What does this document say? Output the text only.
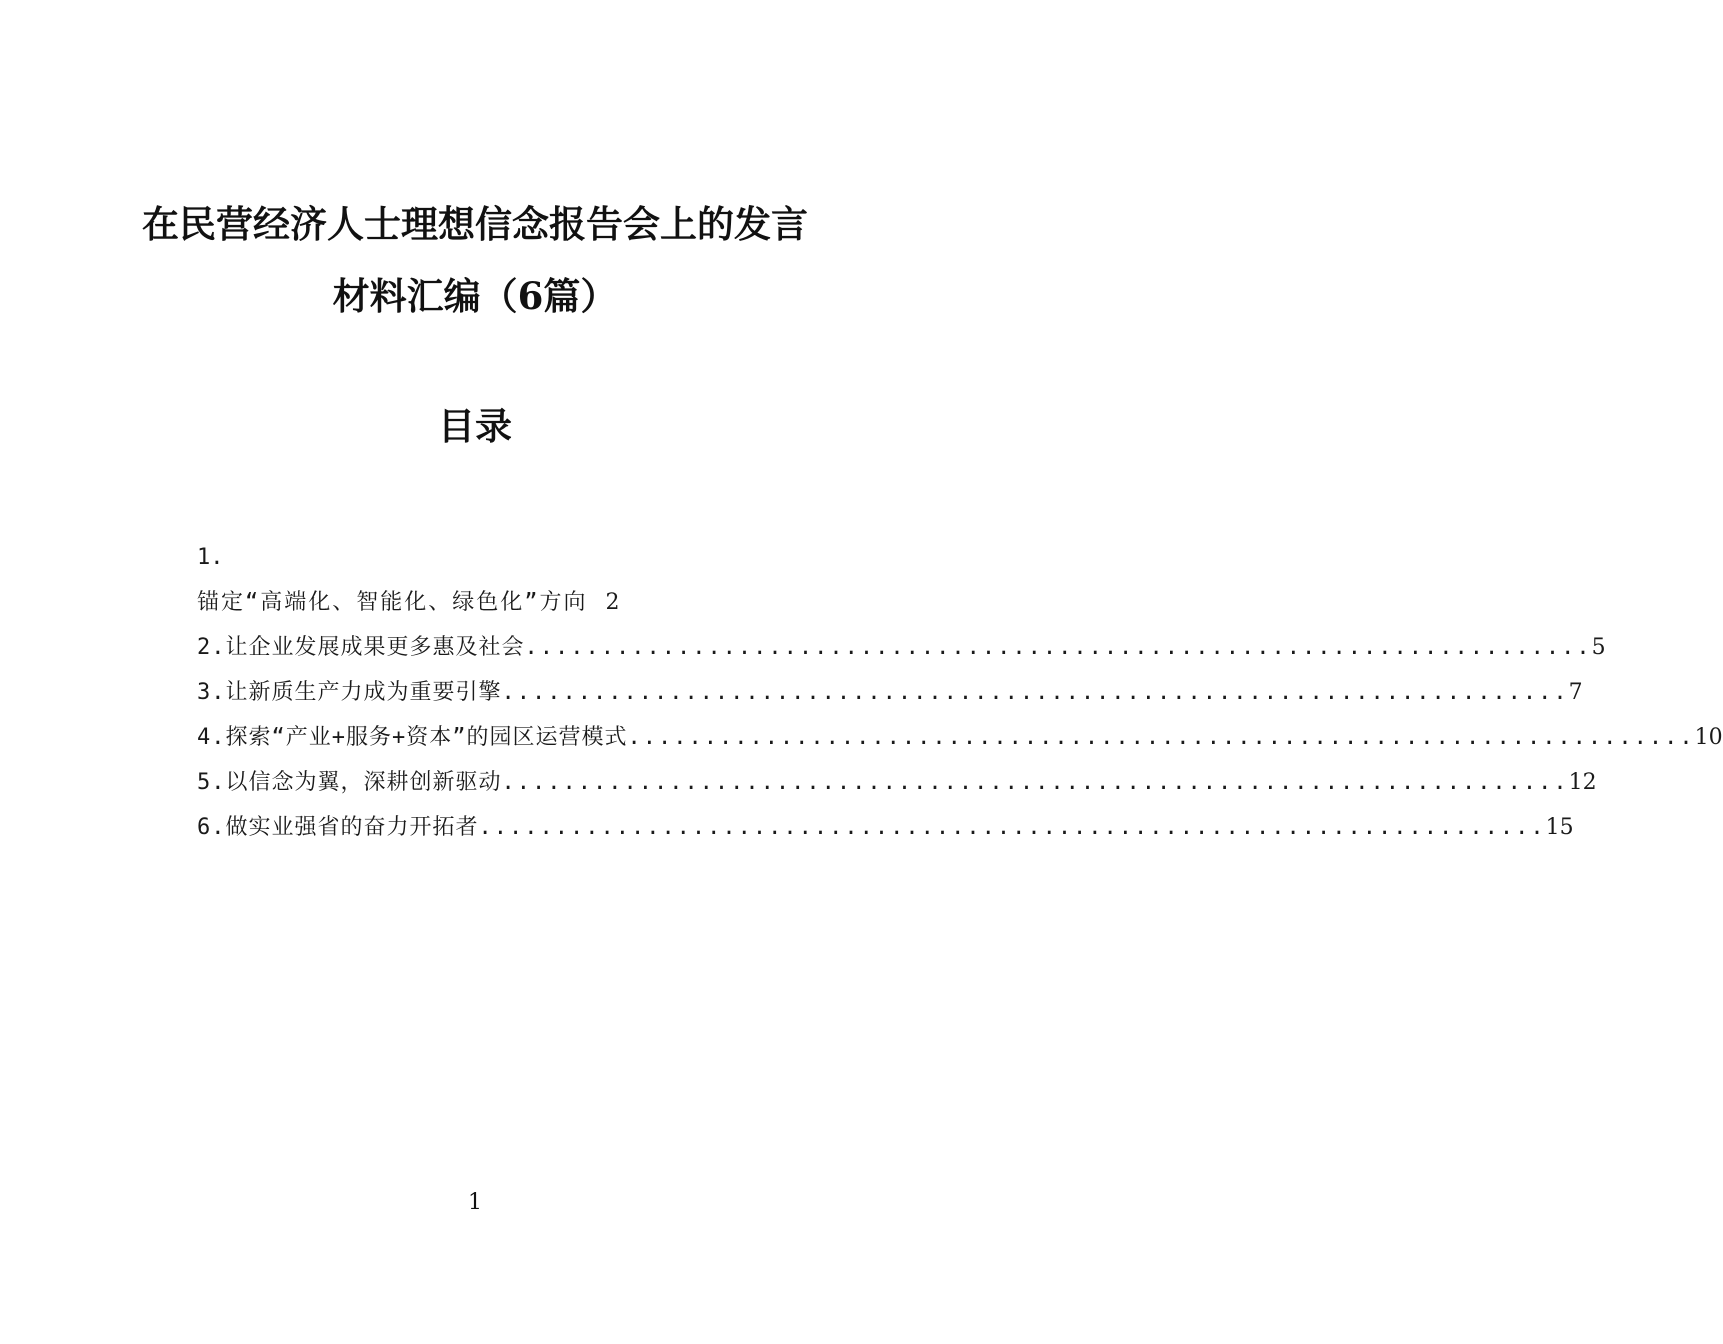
在民营经济人士理想信念报告会上的发言
材料汇编（6篇）
目录
1.
锚定“高端化、智能化、绿色化”方向 2
2.让企业发展成果更多惠及社会 ...................................................................... 5
3.让新质生产力成为重要引擎 ...................................................................... 7
4.探索“产业+服务+资本”的园区运营模式 ...................................................................... 10
5.以信念为翼，深耕创新驱动 ...................................................................... 12
6.做实业强省的奋力开拓者 ...................................................................... 15
1
